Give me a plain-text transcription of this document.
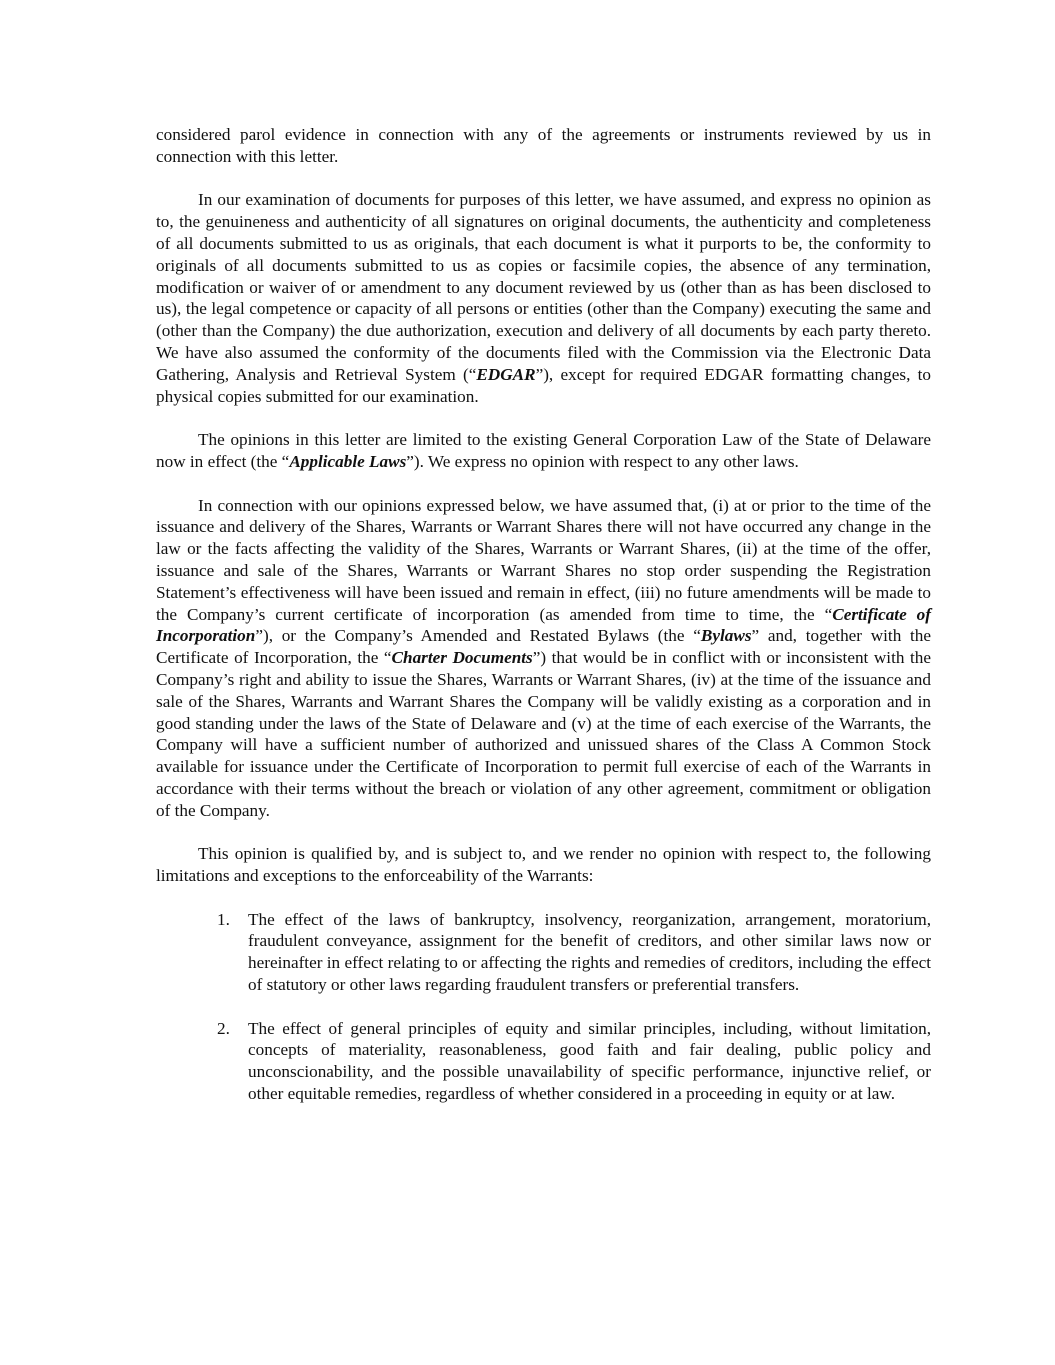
considered parol evidence in connection with any of the agreements or instruments reviewed by us in connection with this letter.

In our examination of documents for purposes of this letter, we have assumed, and express no opinion as to, the genuineness and authenticity of all signatures on original documents, the authenticity and completeness of all documents submitted to us as originals, that each document is what it purports to be, the conformity to originals of all documents submitted to us as copies or facsimile copies, the absence of any termination, modification or waiver of or amendment to any document reviewed by us (other than as has been disclosed to us), the legal competence or capacity of all persons or entities (other than the Company) executing the same and (other than the Company) the due authorization, execution and delivery of all documents by each party thereto. We have also assumed the conformity of the documents filed with the Commission via the Electronic Data Gathering, Analysis and Retrieval System (“EDGAR”), except for required EDGAR formatting changes, to physical copies submitted for our examination.

The opinions in this letter are limited to the existing General Corporation Law of the State of Delaware now in effect (the “Applicable Laws”). We express no opinion with respect to any other laws.

In connection with our opinions expressed below, we have assumed that, (i) at or prior to the time of the issuance and delivery of the Shares, Warrants or Warrant Shares there will not have occurred any change in the law or the facts affecting the validity of the Shares, Warrants or Warrant Shares, (ii) at the time of the offer, issuance and sale of the Shares, Warrants or Warrant Shares no stop order suspending the Registration Statement’s effectiveness will have been issued and remain in effect, (iii) no future amendments will be made to the Company’s current certificate of incorporation (as amended from time to time, the “Certificate of Incorporation”), or the Company’s Amended and Restated Bylaws (the “Bylaws” and, together with the Certificate of Incorporation, the “Charter Documents”) that would be in conflict with or inconsistent with the Company’s right and ability to issue the Shares, Warrants or Warrant Shares, (iv) at the time of the issuance and sale of the Shares, Warrants and Warrant Shares the Company will be validly existing as a corporation and in good standing under the laws of the State of Delaware and (v) at the time of each exercise of the Warrants, the Company will have a sufficient number of authorized and unissued shares of the Class A Common Stock available for issuance under the Certificate of Incorporation to permit full exercise of each of the Warrants in accordance with their terms without the breach or violation of any other agreement, commitment or obligation of the Company.

This opinion is qualified by, and is subject to, and we render no opinion with respect to, the following limitations and exceptions to the enforceability of the Warrants:

1. The effect of the laws of bankruptcy, insolvency, reorganization, arrangement, moratorium, fraudulent conveyance, assignment for the benefit of creditors, and other similar laws now or hereinafter in effect relating to or affecting the rights and remedies of creditors, including the effect of statutory or other laws regarding fraudulent transfers or preferential transfers.
2. The effect of general principles of equity and similar principles, including, without limitation, concepts of materiality, reasonableness, good faith and fair dealing, public policy and unconscionability, and the possible unavailability of specific performance, injunctive relief, or other equitable remedies, regardless of whether considered in a proceeding in equity or at law.
